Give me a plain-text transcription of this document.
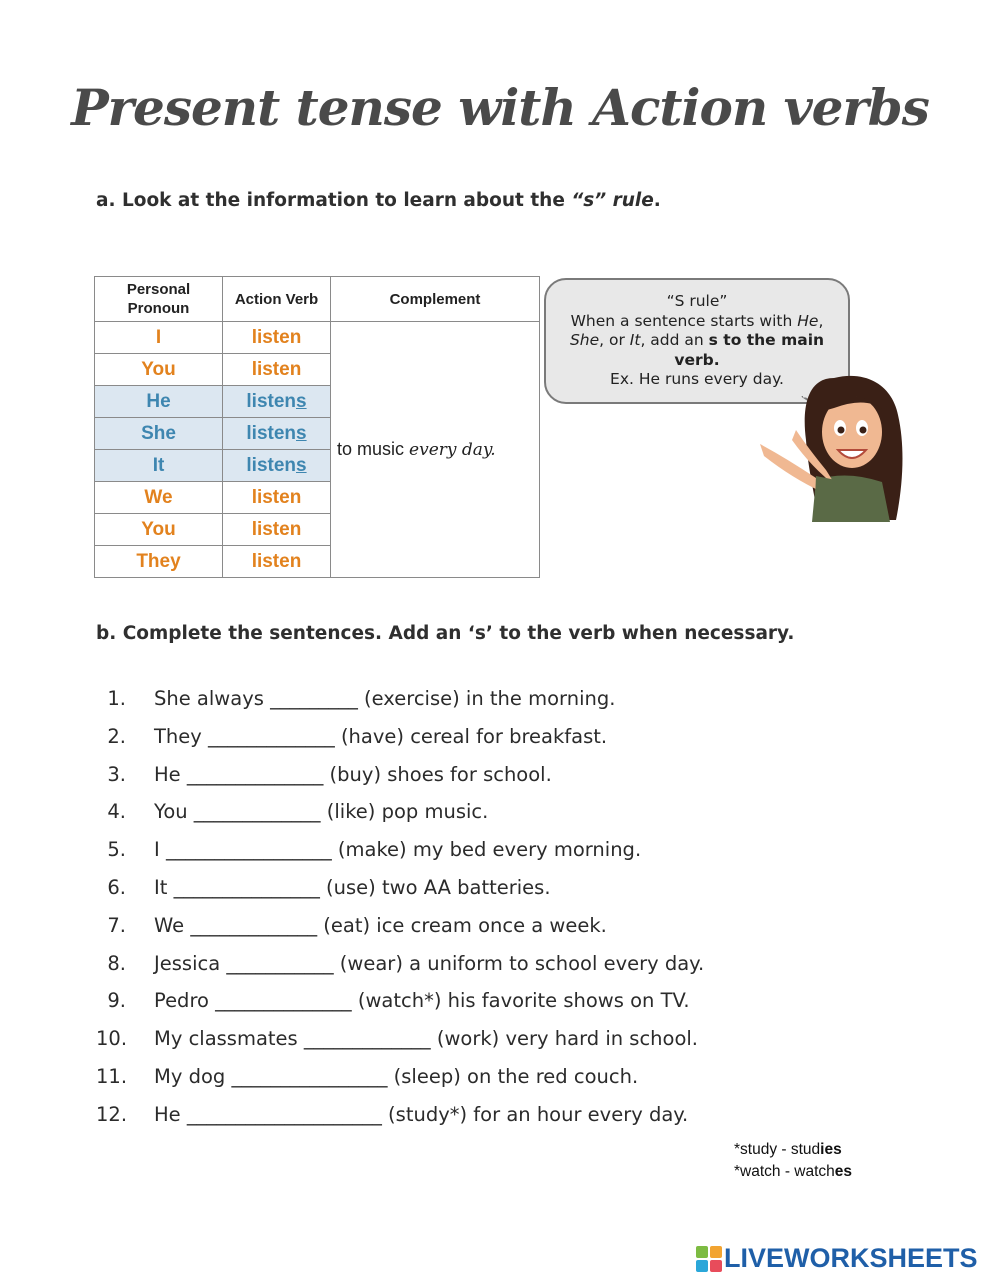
Present tense with Action verbs
a. Look at the information to learn about the “s” rule.
Personal Pronoun	Action Verb	Complement
I	listen	to music every day.
You	listen	
He	listens	
She	listens	
It	listens	
We	listen	
You	listen	
They	listen	
“S rule”
When a sentence starts with He,
She, or It, add an s to the main
verb.
Ex. He runs every day.
b. Complete the sentences. Add an ‘s’ to the verb when necessary.
1. She always _________ (exercise) in the morning.
2. They _____________ (have) cereal for breakfast.
3. He ______________ (buy) shoes for school.
4. You _____________ (like) pop music.
5. I _________________ (make) my bed every morning.
6. It _______________ (use) two AA batteries.
7. We _____________ (eat) ice cream once a week.
8. Jessica ___________ (wear) a uniform to school every day.
9. Pedro ______________ (watch*) his favorite shows on TV.
10. My classmates _____________ (work) very hard in school.
11. My dog ________________ (sleep) on the red couch.
12. He ____________________ (study*) for an hour every day.
*study - studies
*watch - watches
LIVEWORKSHEETS
